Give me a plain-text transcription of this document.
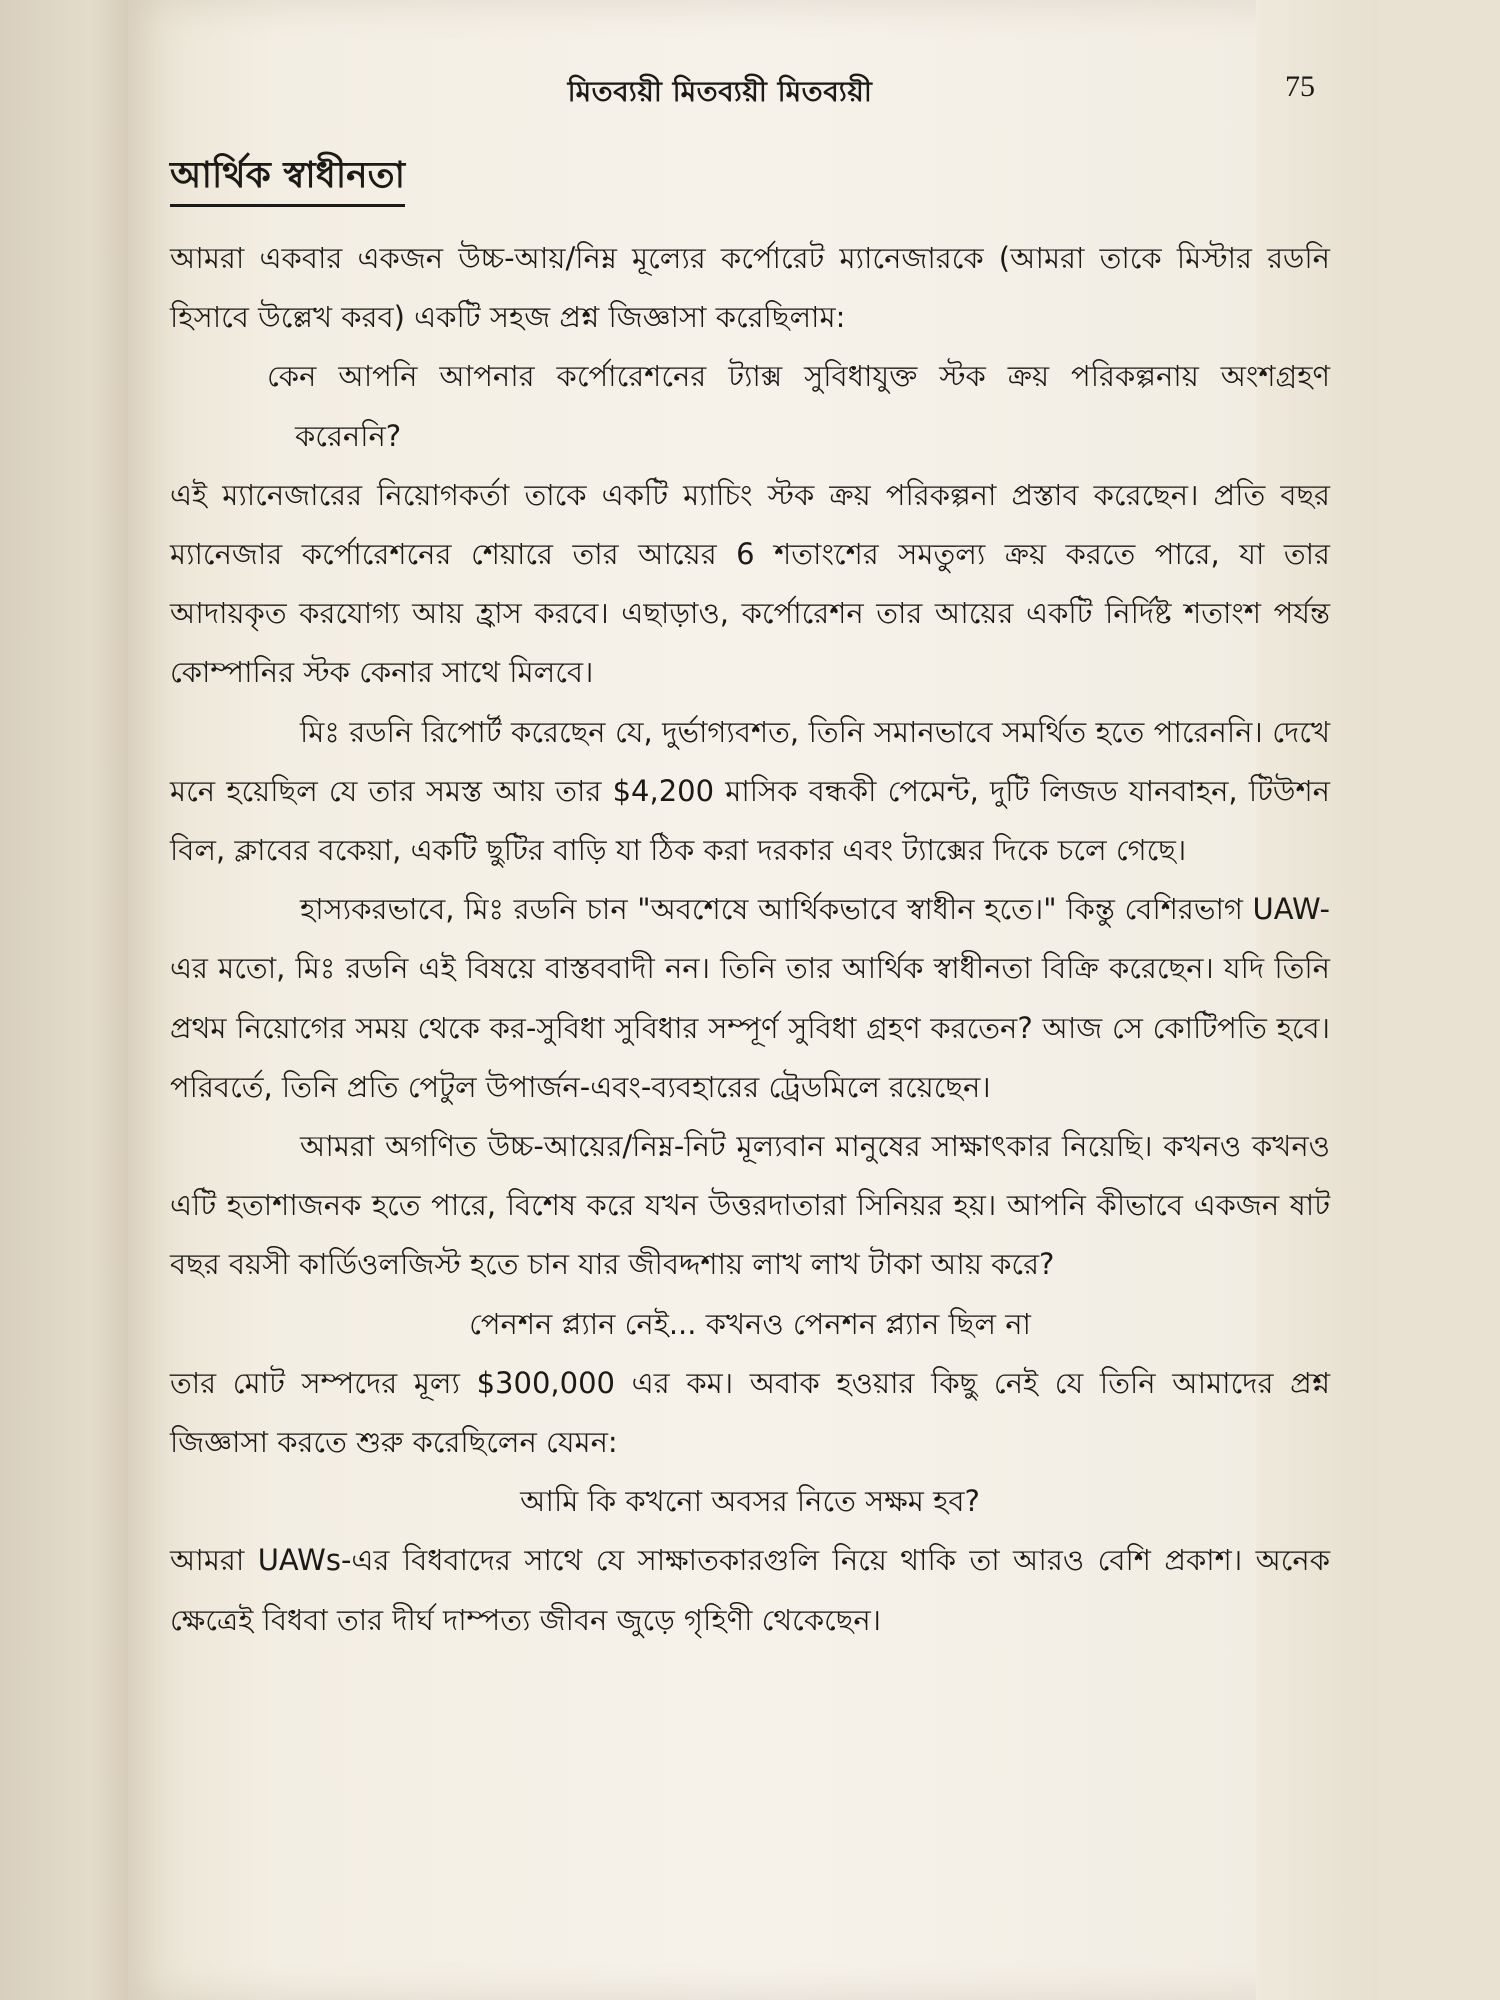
মিতব্যয়ী মিতব্যয়ী মিতব্যয়ী	75
আর্থিক স্বাধীনতা

আমরা একবার একজন উচ্চ-আয়/নিম্ন মূল্যের কর্পোরেট ম্যানেজারকে (আমরা তাকে মিস্টার রডনি হিসাবে উল্লেখ করব) একটি সহজ প্রশ্ন জিজ্ঞাসা করেছিলাম:

কেন আপনি আপনার কর্পোরেশনের ট্যাক্স সুবিধাযুক্ত স্টক ক্রয় পরিকল্পনায় অংশগ্রহণ করেননি?

এই ম্যানেজারের নিয়োগকর্তা তাকে একটি ম্যাচিং স্টক ক্রয় পরিকল্পনা প্রস্তাব করেছেন। প্রতি বছর ম্যানেজার কর্পোরেশনের শেয়ারে তার আয়ের 6 শতাংশের সমতুল্য ক্রয় করতে পারে, যা তার আদায়কৃত করযোগ্য আয় হ্রাস করবে। এছাড়াও, কর্পোরেশন তার আয়ের একটি নির্দিষ্ট শতাংশ পর্যন্ত কোম্পানির স্টক কেনার সাথে মিলবে।

মিঃ রডনি রিপোর্ট করেছেন যে, দুর্ভাগ্যবশত, তিনি সমানভাবে সমর্থিত হতে পারেননি। দেখে মনে হয়েছিল যে তার সমস্ত আয় তার $4,200 মাসিক বন্ধকী পেমেন্ট, দুটি লিজড যানবাহন, টিউশন বিল, ক্লাবের বকেয়া, একটি ছুটির বাড়ি যা ঠিক করা দরকার এবং ট্যাক্সের দিকে চলে গেছে।

হাস্যকরভাবে, মিঃ রডনি চান "অবশেষে আর্থিকভাবে স্বাধীন হতে।" কিন্তু বেশিরভাগ UAW-এর মতো, মিঃ রডনি এই বিষয়ে বাস্তববাদী নন। তিনি তার আর্থিক স্বাধীনতা বিক্রি করেছেন। যদি তিনি প্রথম নিয়োগের সময় থেকে কর-সুবিধা সুবিধার সম্পূর্ণ সুবিধা গ্রহণ করতেন? আজ সে কোটিপতি হবে। পরিবর্তে, তিনি প্রতি পেটুল উপার্জন-এবং-ব্যবহারের ট্রেডমিলে রয়েছেন।

আমরা অগণিত উচ্চ-আয়ের/নিম্ন-নিট মূল্যবান মানুষের সাক্ষাৎকার নিয়েছি। কখনও কখনও এটি হতাশাজনক হতে পারে, বিশেষ করে যখন উত্তরদাতারা সিনিয়র হয়। আপনি কীভাবে একজন ষাট বছর বয়সী কার্ডিওলজিস্ট হতে চান যার জীবদ্দশায় লাখ লাখ টাকা আয় করে?

পেনশন প্ল্যান নেই... কখনও পেনশন প্ল্যান ছিল না

তার মোট সম্পদের মূল্য $300,000 এর কম। অবাক হওয়ার কিছু নেই যে তিনি আমাদের প্রশ্ন জিজ্ঞাসা করতে শুরু করেছিলেন যেমন:

আমি কি কখনো অবসর নিতে সক্ষম হব?

আমরা UAWs-এর বিধবাদের সাথে যে সাক্ষাতকারগুলি নিয়ে থাকি তা আরও বেশি প্রকাশ। অনেক ক্ষেত্রেই বিধবা তার দীর্ঘ দাম্পত্য জীবন জুড়ে গৃহিণী থেকেছেন।
